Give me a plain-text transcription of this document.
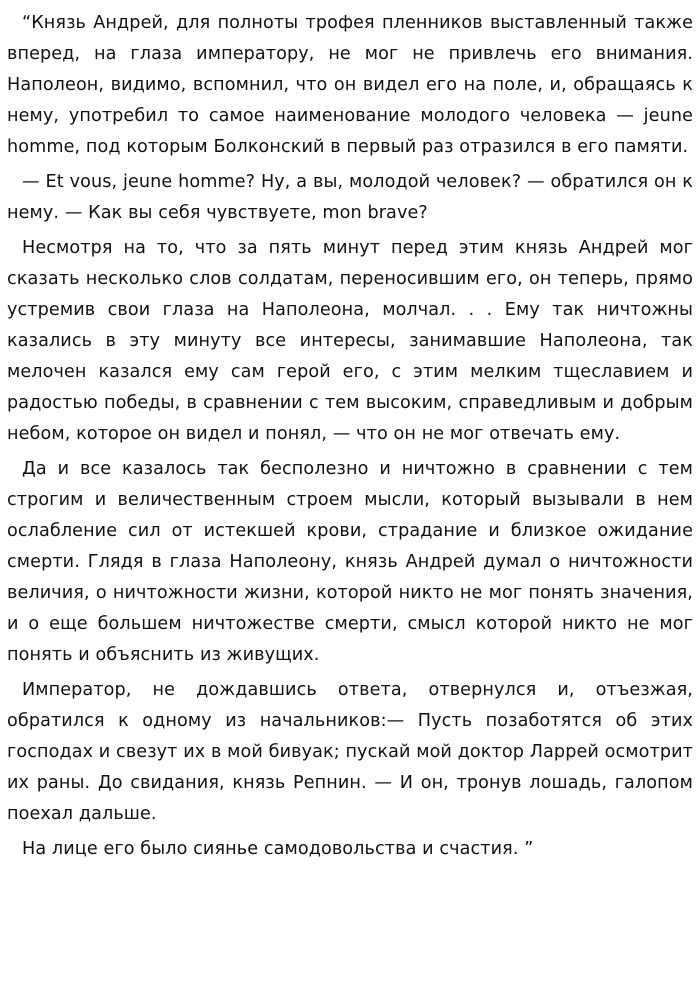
“Князь Андрей, для полноты трофея пленников выставленный также вперед, на глаза императору, не мог не привлечь его внимания. Наполеон, видимо, вспомнил, что он видел его на поле, и, обращаясь к нему, употребил то самое наименование молодого человека — jeune homme, под которым Болконский в первый раз отразился в его памяти.

— Et vous, jeune homme? Ну, а вы, молодой человек? — обратился он к нему. — Как вы себя чувствуете, mon brave?

Несмотря на то, что за пять минут перед этим князь Андрей мог сказать несколько слов солдатам, переносившим его, он теперь, прямо устремив свои глаза на Наполеона, молчал. . . Ему так ничтожны казались в эту минуту все интересы, занимавшие Наполеона, так мелочен казался ему сам герой его, с этим мелким тщеславием и радостью победы, в сравнении с тем высоким, справедливым и добрым небом, которое он видел и понял, — что он не мог отвечать ему.

Да и все казалось так бесполезно и ничтожно в сравнении с тем строгим и величественным строем мысли, который вызывали в нем ослабление сил от истекшей крови, страдание и близкое ожидание смерти. Глядя в глаза Наполеону, князь Андрей думал о ничтожности величия, о ничтожности жизни, которой никто не мог понять значения, и о еще большем ничтожестве смерти, смысл которой никто не мог понять и объяснить из живущих.

Император, не дождавшись ответа, отвернулся и, отъезжая, обратился к одному из начальников:— Пусть позаботятся об этих господах и свезут их в мой бивуак; пускай мой доктор Ларрей осмотрит их раны. До свидания, князь Репнин. — И он, тронув лошадь, галопом поехал дальше.

На лице его было сиянье самодовольства и счастия. ”
